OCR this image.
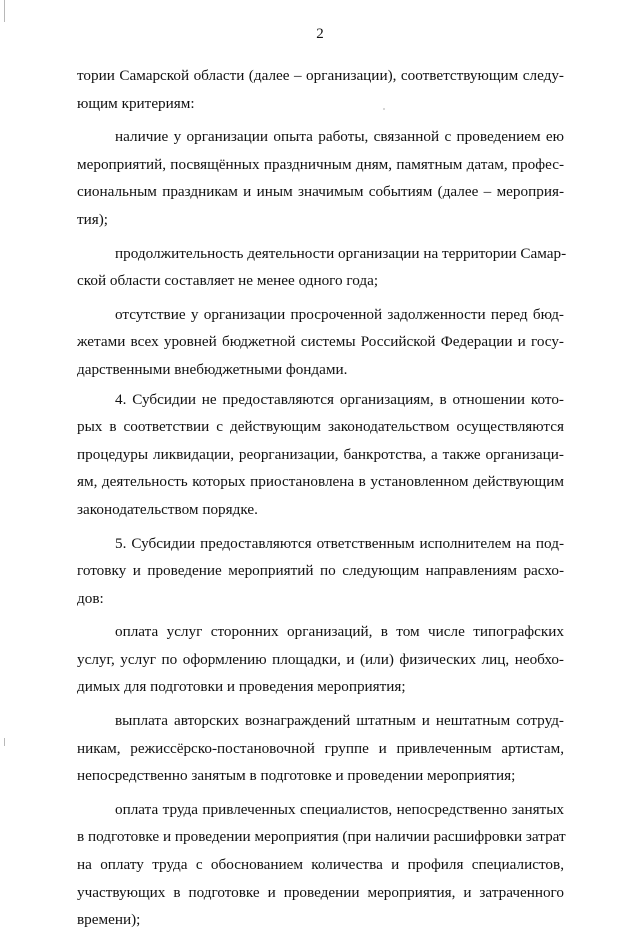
2
тории Самарской области (далее – организации), соответствующим следу-
ющим критериям:
наличие у организации опыта работы, связанной с проведением ею
мероприятий, посвящённых праздничным дням, памятным датам, профес-
сиональным праздникам и иным значимым событиям (далее – мероприя-
тия);
продолжительность деятельности организации на территории Самар-
ской области составляет не менее одного года;
отсутствие у организации просроченной задолженности перед бюд-
жетами всех уровней бюджетной системы Российской Федерации и госу-
дарственными внебюджетными фондами.
4. Субсидии не предоставляются организациям, в отношении кото-
рых в соответствии с действующим законодательством осуществляются
процедуры ликвидации, реорганизации, банкротства, а также организаци-
ям, деятельность которых приостановлена в установленном действующим
законодательством порядке.
5. Субсидии предоставляются ответственным исполнителем на под-
готовку и проведение мероприятий по следующим направлениям расхо-
дов:
оплата услуг сторонних организаций, в том числе типографских
услуг, услуг по оформлению площадки, и (или) физических лиц, необхо-
димых для подготовки и проведения мероприятия;
выплата авторских вознаграждений штатным и нештатным сотруд-
никам, режиссёрско-постановочной группе и привлеченным артистам,
непосредственно занятым в подготовке и проведении мероприятия;
оплата труда привлеченных специалистов, непосредственно занятых
в подготовке и проведении мероприятия (при наличии расшифровки затрат
на оплату труда с обоснованием количества и профиля специалистов,
участвующих в подготовке и проведении мероприятия, и затраченного
времени);
